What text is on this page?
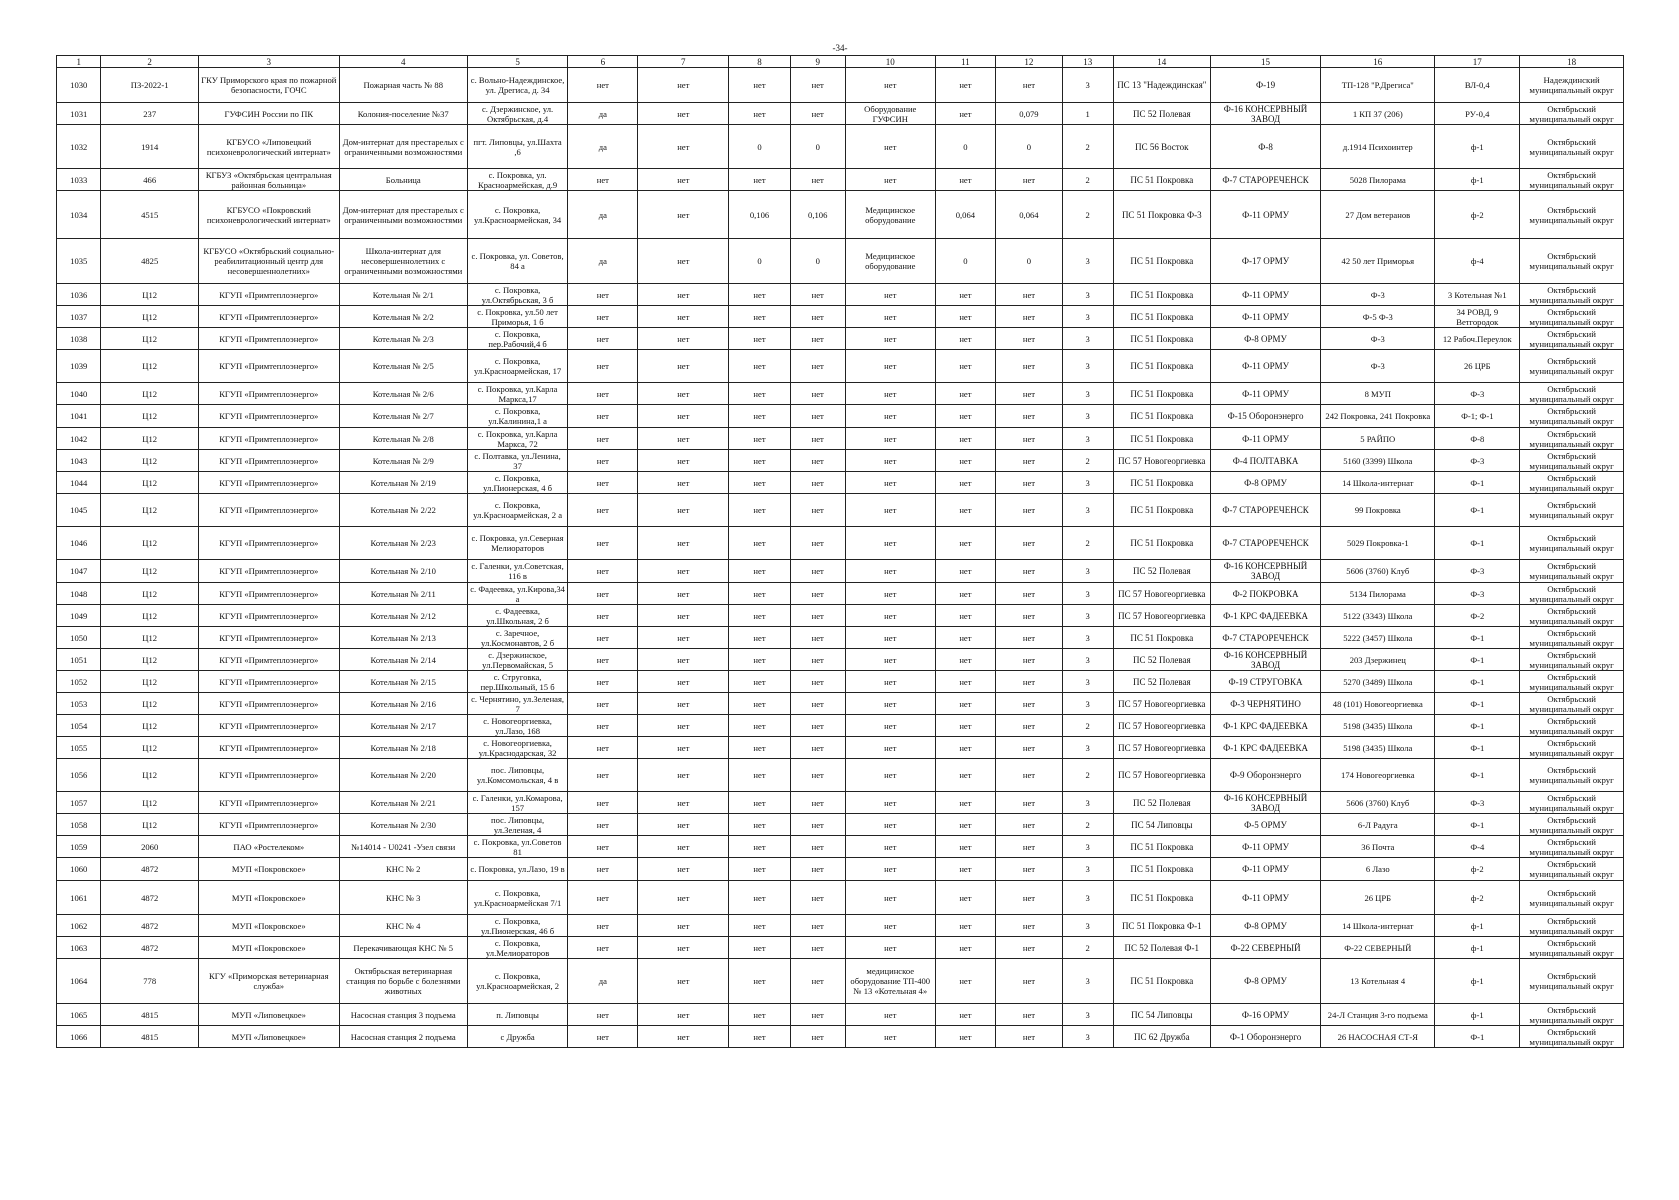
-34-
1	2	3	4	5	6	7	8	9	10	11	12	13	14	15	16	17	18
1030	ПЗ-2022-1	ГКУ Приморского края по пожарной безопасности, ГОЧС	Пожарная часть № 88	с. Вольно-Надеждинское, ул. Дрегиса, д. 34	нет	нет	нет	нет	нет	нет	нет	3	ПС 13 "Надеждинская"	Ф-19	ТП-128 "Р.Дрегиса"	ВЛ-0,4	Надеждинский муниципальный округ
1031	237	ГУФСИН России по ПК	Колония-поселение №37	с. Дзержинское, ул. Октябрьская, д.4	да	нет	нет	нет	Оборудование ГУФСИН	нет	0,079	1	ПС 52 Полевая	Ф-16 КОНСЕРВНЫЙ ЗАВОД	1 КП 37 (206)	РУ-0,4	Октябрьский муниципальный округ
1032	1914	КГБУСО «Липовецкий психоневрологический интернат»	Дом-интернат для престарелых с ограниченными возможностями	пгт. Липовцы, ул.Шахта ,6	да	нет	0	0	нет	0	0	2	ПС 56 Восток	Ф-8	д.1914 Психоинтер	ф-1	Октябрьский муниципальный округ
1033	466	КГБУЗ «Октябрьская центральная районная больница»	Больница	с. Покровка, ул. Красноармейская, д.9	нет	нет	нет	нет	нет	нет	нет	2	ПС 51 Покровка	Ф-7 СТАРОРЕЧЕНСК	5028 Пилорама	ф-1	Октябрьский муниципальный округ
1034	4515	КГБУСО «Покровский психоневрологический интернат»	Дом-интернат для престарелых с ограниченными возможностями	с. Покровка, ул.Красноармейская, 34	да	нет	0,106	0,106	Медицинское оборудование	0,064	0,064	2	ПС 51 Покровка Ф-3	Ф-11 ОРМУ	27 Дом ветеранов	ф-2	Октябрьский муниципальный округ
1035	4825	КГБУСО «Октябрьский социально-реабилитационный центр для несовершеннолетних»	Школа-интернат для несовершеннолетних с ограниченными возможностями	с. Покровка, ул. Советов, 84 а	да	нет	0	0	Медицинское оборудование	0	0	3	ПС 51 Покровка	Ф-17 ОРМУ	42 50 лет Приморья	ф-4	Октябрьский муниципальный округ
1036	Ц12	КГУП «Примтеплоэнерго»	Котельная № 2/1	с. Покровка, ул.Октябрьская, 3 б	нет	нет	нет	нет	нет	нет	нет	3	ПС 51 Покровка	Ф-11 ОРМУ	Ф-3	3 Котельная №1	Октябрьский муниципальный округ
1037	Ц12	КГУП «Примтеплоэнерго»	Котельная № 2/2	с. Покровка, ул.50 лет Приморья, 1 б	нет	нет	нет	нет	нет	нет	нет	3	ПС 51 Покровка	Ф-11 ОРМУ	Ф-5 Ф-3	34 РОВД, 9 Ветгородок	Октябрьский муниципальный округ
1038	Ц12	КГУП «Примтеплоэнерго»	Котельная № 2/3	с. Покровка, пер.Рабочий,4 б	нет	нет	нет	нет	нет	нет	нет	3	ПС 51 Покровка	Ф-8 ОРМУ	Ф-3	12 Рабоч.Переулок	Октябрьский муниципальный округ
1039	Ц12	КГУП «Примтеплоэнерго»	Котельная № 2/5	с. Покровка, ул.Красноармейская, 17	нет	нет	нет	нет	нет	нет	нет	3	ПС 51 Покровка	Ф-11 ОРМУ	Ф-3	26 ЦРБ	Октябрьский муниципальный округ
1040	Ц12	КГУП «Примтеплоэнерго»	Котельная № 2/6	с. Покровка, ул.Карла Маркса,17	нет	нет	нет	нет	нет	нет	нет	3	ПС 51 Покровка	Ф-11 ОРМУ	8 МУП	Ф-3	Октябрьский муниципальный округ
1041	Ц12	КГУП «Примтеплоэнерго»	Котельная № 2/7	с. Покровка, ул.Калинина,1 а	нет	нет	нет	нет	нет	нет	нет	3	ПС 51 Покровка	Ф-15 Оборонэнерго	242 Покровка, 241 Покровка	Ф-1; Ф-1	Октябрьский муниципальный округ
1042	Ц12	КГУП «Примтеплоэнерго»	Котельная № 2/8	с. Покровка, ул.Карла Маркса, 72	нет	нет	нет	нет	нет	нет	нет	3	ПС 51 Покровка	Ф-11 ОРМУ	5 РАЙПО	Ф-8	Октябрьский муниципальный округ
1043	Ц12	КГУП «Примтеплоэнерго»	Котельная № 2/9	с. Полтавка, ул.Ленина, 37	нет	нет	нет	нет	нет	нет	нет	2	ПС 57 Новогеоргиевка	Ф-4 ПОЛТАВКА	5160 (3399) Школа	Ф-3	Октябрьский муниципальный округ
1044	Ц12	КГУП «Примтеплоэнерго»	Котельная № 2/19	с. Покровка, ул.Пионерская, 4 б	нет	нет	нет	нет	нет	нет	нет	3	ПС 51 Покровка	Ф-8 ОРМУ	14 Школа-интернат	Ф-1	Октябрьский муниципальный округ
1045	Ц12	КГУП «Примтеплоэнерго»	Котельная № 2/22	с. Покровка, ул.Красноармейская, 2 а	нет	нет	нет	нет	нет	нет	нет	3	ПС 51 Покровка	Ф-7 СТАРОРЕЧЕНСК	99 Покровка	Ф-1	Октябрьский муниципальный округ
1046	Ц12	КГУП «Примтеплоэнерго»	Котельная № 2/23	с. Покровка, ул.Северная Мелиораторов	нет	нет	нет	нет	нет	нет	нет	2	ПС 51 Покровка	Ф-7 СТАРОРЕЧЕНСК	5029 Покровка-1	Ф-1	Октябрьский муниципальный округ
1047	Ц12	КГУП «Примтеплоэнерго»	Котельная № 2/10	с. Галенки, ул.Советская, 116 в	нет	нет	нет	нет	нет	нет	нет	3	ПС 52 Полевая	Ф-16 КОНСЕРВНЫЙ ЗАВОД	5606 (3760) Клуб	Ф-3	Октябрьский муниципальный округ
1048	Ц12	КГУП «Примтеплоэнерго»	Котельная № 2/11	с. Фадеевка, ул.Кирова,34 а	нет	нет	нет	нет	нет	нет	нет	3	ПС 57 Новогеоргиевка	Ф-2 ПОКРОВКА	5134 Пилорама	Ф-3	Октябрьский муниципальный округ
1049	Ц12	КГУП «Примтеплоэнерго»	Котельная № 2/12	с. Фадеевка, ул.Школьная, 2 б	нет	нет	нет	нет	нет	нет	нет	3	ПС 57 Новогеоргиевка	Ф-1 КРС ФАДЕЕВКА	5122 (3343) Школа	Ф-2	Октябрьский муниципальный округ
1050	Ц12	КГУП «Примтеплоэнерго»	Котельная № 2/13	с. Заречное, ул.Космонавтов, 2 б	нет	нет	нет	нет	нет	нет	нет	3	ПС 51 Покровка	Ф-7 СТАРОРЕЧЕНСК	5222 (3457) Школа	Ф-1	Октябрьский муниципальный округ
1051	Ц12	КГУП «Примтеплоэнерго»	Котельная № 2/14	с. Дзержинское, ул.Первомайская, 5	нет	нет	нет	нет	нет	нет	нет	3	ПС 52 Полевая	Ф-16 КОНСЕРВНЫЙ ЗАВОД	203 Дзержинец	Ф-1	Октябрьский муниципальный округ
1052	Ц12	КГУП «Примтеплоэнерго»	Котельная № 2/15	с. Струговка, пер.Школьный, 15 б	нет	нет	нет	нет	нет	нет	нет	3	ПС 52 Полевая	Ф-19 СТРУГОВКА	5270 (3489) Школа	Ф-1	Октябрьский муниципальный округ
1053	Ц12	КГУП «Примтеплоэнерго»	Котельная № 2/16	с. Чернятино, ул.Зеленая, 7	нет	нет	нет	нет	нет	нет	нет	3	ПС 57 Новогеоргиевка	Ф-3 ЧЕРНЯТИНО	48 (101) Новогеоргиевка	Ф-1	Октябрьский муниципальный округ
1054	Ц12	КГУП «Примтеплоэнерго»	Котельная № 2/17	с. Новогеоргиевка, ул.Лазо, 168	нет	нет	нет	нет	нет	нет	нет	2	ПС 57 Новогеоргиевка	Ф-1 КРС ФАДЕЕВКА	5198 (3435) Школа	Ф-1	Октябрьский муниципальный округ
1055	Ц12	КГУП «Примтеплоэнерго»	Котельная № 2/18	с. Новогеоргиевка, ул.Краснодарская, 32	нет	нет	нет	нет	нет	нет	нет	3	ПС 57 Новогеоргиевка	Ф-1 КРС ФАДЕЕВКА	5198 (3435) Школа	Ф-1	Октябрьский муниципальный округ
1056	Ц12	КГУП «Примтеплоэнерго»	Котельная № 2/20	пос. Липовцы, ул.Комсомольская, 4 в	нет	нет	нет	нет	нет	нет	нет	2	ПС 57 Новогеоргиевка	Ф-9 Оборонэнерго	174 Новогеоргиевка	Ф-1	Октябрьский муниципальный округ
1057	Ц12	КГУП «Примтеплоэнерго»	Котельная № 2/21	с. Галенки, ул.Комарова, 157	нет	нет	нет	нет	нет	нет	нет	3	ПС 52 Полевая	Ф-16 КОНСЕРВНЫЙ ЗАВОД	5606 (3760) Клуб	Ф-3	Октябрьский муниципальный округ
1058	Ц12	КГУП «Примтеплоэнерго»	Котельная № 2/30	пос. Липовцы, ул.Зеленая, 4	нет	нет	нет	нет	нет	нет	нет	2	ПС 54 Липовцы	Ф-5 ОРМУ	6-Л Радуга	Ф-1	Октябрьский муниципальный округ
1059	2060	ПАО «Ростелеком»	№14014 - U0241 -Узел связи	с. Покровка, ул.Советов 81	нет	нет	нет	нет	нет	нет	нет	3	ПС 51 Покровка	Ф-11 ОРМУ	36 Почта	Ф-4	Октябрьский муниципальный округ
1060	4872	МУП «Покровское»	КНС № 2	с. Покровка, ул.Лазо, 19 в	нет	нет	нет	нет	нет	нет	нет	3	ПС 51 Покровка	Ф-11 ОРМУ	6 Лазо	ф-2	Октябрьский муниципальный округ
1061	4872	МУП «Покровское»	КНС № 3	с. Покровка, ул.Красноармейская 7/1	нет	нет	нет	нет	нет	нет	нет	3	ПС 51 Покровка	Ф-11 ОРМУ	26 ЦРБ	ф-2	Октябрьский муниципальный округ
1062	4872	МУП «Покровское»	КНС № 4	с. Покровка, ул.Пионерская, 46 б	нет	нет	нет	нет	нет	нет	нет	3	ПС 51 Покровка Ф-1	Ф-8 ОРМУ	14 Школа-интернат	ф-1	Октябрьский муниципальный округ
1063	4872	МУП «Покровское»	Перекачивающая КНС № 5	с. Покровка, ул.Мелиораторов	нет	нет	нет	нет	нет	нет	нет	2	ПС 52 Полевая Ф-1	Ф-22 СЕВЕРНЫЙ	Ф-22 СЕВЕРНЫЙ	ф-1	Октябрьский муниципальный округ
1064	778	КГУ «Приморская ветеринарная служба»	Октябрьская ветеринарная станция по борьбе с болезнями животных	с. Покровка, ул.Красноармейская, 2	да	нет	нет	нет	медицинское оборудование ТП-400 № 13 «Котельная 4»	нет	нет	3	ПС 51 Покровка	Ф-8 ОРМУ	13 Котельная 4	ф-1	Октябрьский муниципальный округ
1065	4815	МУП «Липовецкое»	Насосная станция 3 подъема	п. Липовцы	нет	нет	нет	нет	нет	нет	нет	3	ПС 54 Липовцы	Ф-16 ОРМУ	24-Л Станция 3-го подъема	ф-1	Октябрьский муниципальный округ
1066	4815	МУП «Липовецкое»	Насосная станция 2 подъема	с Дружба	нет	нет	нет	нет	нет	нет	нет	3	ПС 62 Дружба	Ф-1 Оборонэнерго	26 НАСОСНАЯ СТ-Я	Ф-1	Октябрьский муниципальный округ
